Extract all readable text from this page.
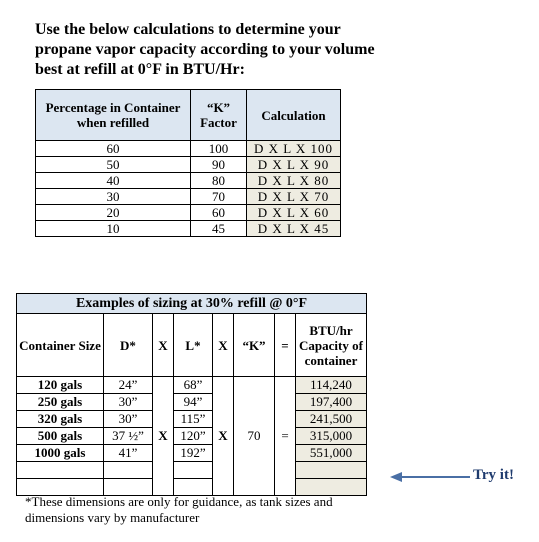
Use the below calculations to determine your propane vapor capacity according to your volume best at refill at 0°F in BTU/Hr:
Percentage in Container when refilled	“K” Factor	Calculation
60	100	D X L X 100
50	90	D X L X 90
40	80	D X L X 80
30	70	D X L X 70
20	60	D X L X 60
10	45	D X L X 45
Examples of sizing at 30% refill @ 0°F							
Container Size	D*	X	L*	X	“K”	=	BTU/hr Capacity of container
120 gals	24”	X	68”	X	70	=	114,240
250 gals	30”		94”				197,400
320 gals	30”		115”				241,500
500 gals	37 ½”		120”				315,000
1000 gals	41”		192”				551,000

Try it!
*These dimensions are only for guidance, as tank sizes and dimensions vary by manufacturer
